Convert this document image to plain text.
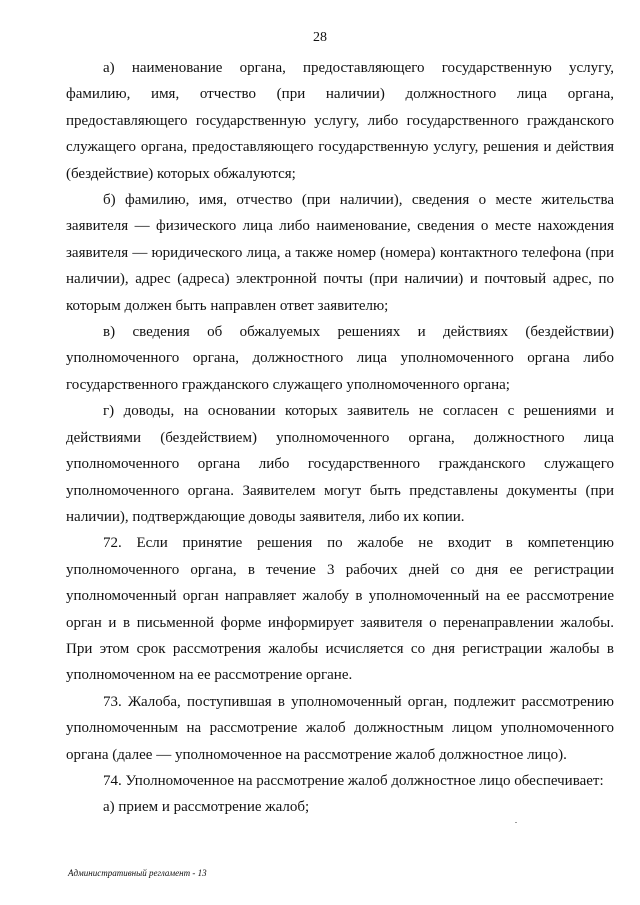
28

а) наименование органа, предоставляющего государственную услугу, фамилию, имя, отчество (при наличии) должностного лица органа, предоставляющего государственную услугу, либо государственного гражданского служащего органа, предоставляющего государственную услугу, решения и действия (бездействие) которых обжалуются;

б) фамилию, имя, отчество (при наличии), сведения о месте жительства заявителя — физического лица либо наименование, сведения о месте нахождения заявителя — юридического лица, а также номер (номера) контактного телефона (при наличии), адрес (адреса) электронной почты (при наличии) и почтовый адрес, по которым должен быть направлен ответ заявителю;

в) сведения об обжалуемых решениях и действиях (бездействии) уполномоченного органа, должностного лица уполномоченного органа либо государственного гражданского служащего уполномоченного органа;

г) доводы, на основании которых заявитель не согласен с решениями и действиями (бездействием) уполномоченного органа, должностного лица уполномоченного органа либо государственного гражданского служащего уполномоченного органа. Заявителем могут быть представлены документы (при наличии), подтверждающие доводы заявителя, либо их копии.

72. Если принятие решения по жалобе не входит в компетенцию уполномоченного органа, в течение 3 рабочих дней со дня ее регистрации уполномоченный орган направляет жалобу в уполномоченный на ее рассмотрение орган и в письменной форме информирует заявителя о перенаправлении жалобы. При этом срок рассмотрения жалобы исчисляется со дня регистрации жалобы в уполномоченном на ее рассмотрение органе.

73. Жалоба, поступившая в уполномоченный орган, подлежит рассмотрению уполномоченным на рассмотрение жалоб должностным лицом уполномоченного органа (далее — уполномоченное на рассмотрение жалоб должностное лицо).

74. Уполномоченное на рассмотрение жалоб должностное лицо обеспечивает:

а) прием и рассмотрение жалоб;

Административный регламент - 13
